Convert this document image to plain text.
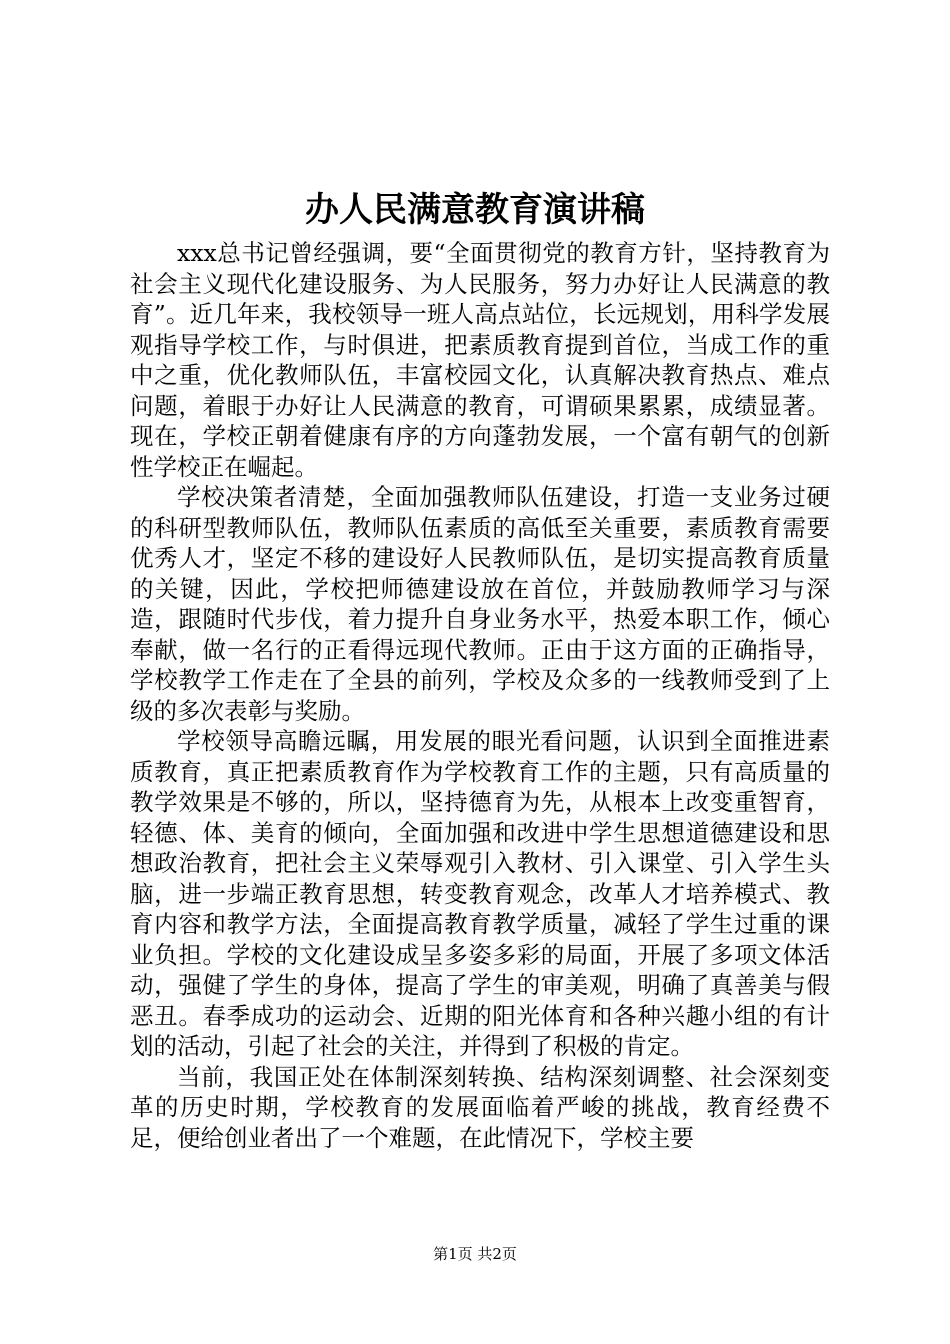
办人民满意教育演讲稿

xxx总书记曾经强调，要“全面贯彻党的教育方针，坚持教育为社会主义现代化建设服务、为人民服务，努力办好让人民满意的教育”。近几年来，我校领导一班人高点站位，长远规划，用科学发展观指导学校工作，与时俱进，把素质教育提到首位，当成工作的重中之重，优化教师队伍，丰富校园文化，认真解决教育热点、难点问题，着眼于办好让人民满意的教育，可谓硕果累累，成绩显著。现在，学校正朝着健康有序的方向蓬勃发展，一个富有朝气的创新性学校正在崛起。

学校决策者清楚，全面加强教师队伍建设，打造一支业务过硬的科研型教师队伍，教师队伍素质的高低至关重要，素质教育需要优秀人才，坚定不移的建设好人民教师队伍，是切实提高教育质量的关键，因此，学校把师德建设放在首位，并鼓励教师学习与深造，跟随时代步伐，着力提升自身业务水平，热爱本职工作，倾心奉献，做一名行的正看得远现代教师。正由于这方面的正确指导，学校教学工作走在了全县的前列，学校及众多的一线教师受到了上级的多次表彰与奖励。

学校领导高瞻远瞩，用发展的眼光看问题，认识到全面推进素质教育，真正把素质教育作为学校教育工作的主题，只有高质量的教学效果是不够的，所以，坚持德育为先，从根本上改变重智育，轻德、体、美育的倾向，全面加强和改进中学生思想道德建设和思想政治教育，把社会主义荣辱观引入教材、引入课堂、引入学生头脑，进一步端正教育思想，转变教育观念，改革人才培养模式、教育内容和教学方法，全面提高教育教学质量，减轻了学生过重的课业负担。学校的文化建设成呈多姿多彩的局面，开展了多项文体活动，强健了学生的身体，提高了学生的审美观，明确了真善美与假恶丑。春季成功的运动会、近期的阳光体育和各种兴趣小组的有计划的活动，引起了社会的关注，并得到了积极的肯定。

当前，我国正处在体制深刻转换、结构深刻调整、社会深刻变革的历史时期，学校教育的发展面临着严峻的挑战，教育经费不足，便给创业者出了一个难题，在此情况下，学校主要

第1页 共2页
